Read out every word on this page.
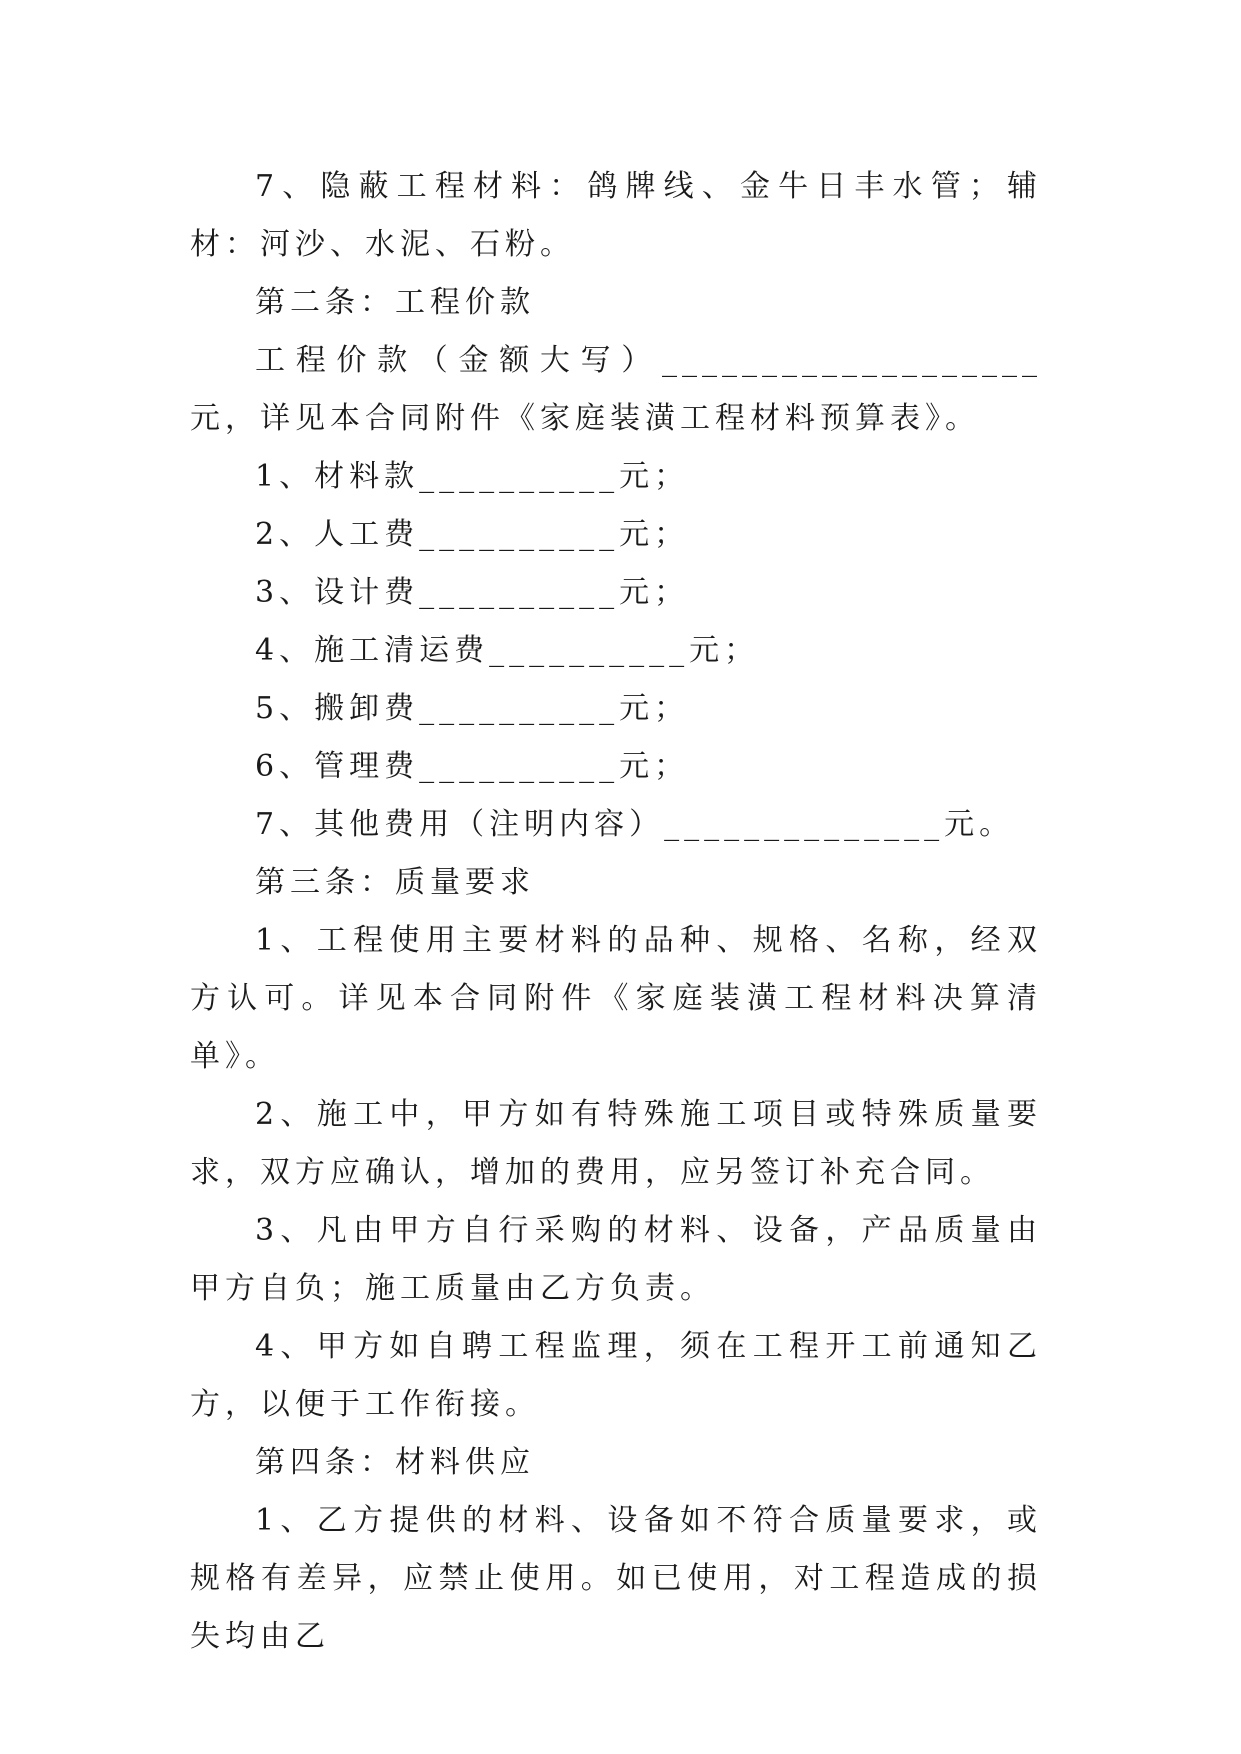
7、隐蔽工程材料：鸽牌线、金牛日丰水管；辅材：河沙、水泥、石粉。

第二条：工程价款

工程价款（金额大写）___________________元，详见本合同附件《家庭装潢工程材料预算表》。

1、材料款__________元；

2、人工费__________元；

3、设计费__________元；

4、施工清运费__________元；

5、搬卸费__________元；

6、管理费__________元；

7、其他费用（注明内容）______________元。

第三条：质量要求

1、工程使用主要材料的品种、规格、名称，经双方认可。详见本合同附件《家庭装潢工程材料决算清单》。

2、施工中，甲方如有特殊施工项目或特殊质量要求，双方应确认，增加的费用，应另签订补充合同。

3、凡由甲方自行采购的材料、设备，产品质量由甲方自负；施工质量由乙方负责。

4、甲方如自聘工程监理，须在工程开工前通知乙方，以便于工作衔接。

第四条：材料供应

1、乙方提供的材料、设备如不符合质量要求，或规格有差异，应禁止使用。如已使用，对工程造成的损失均由乙
